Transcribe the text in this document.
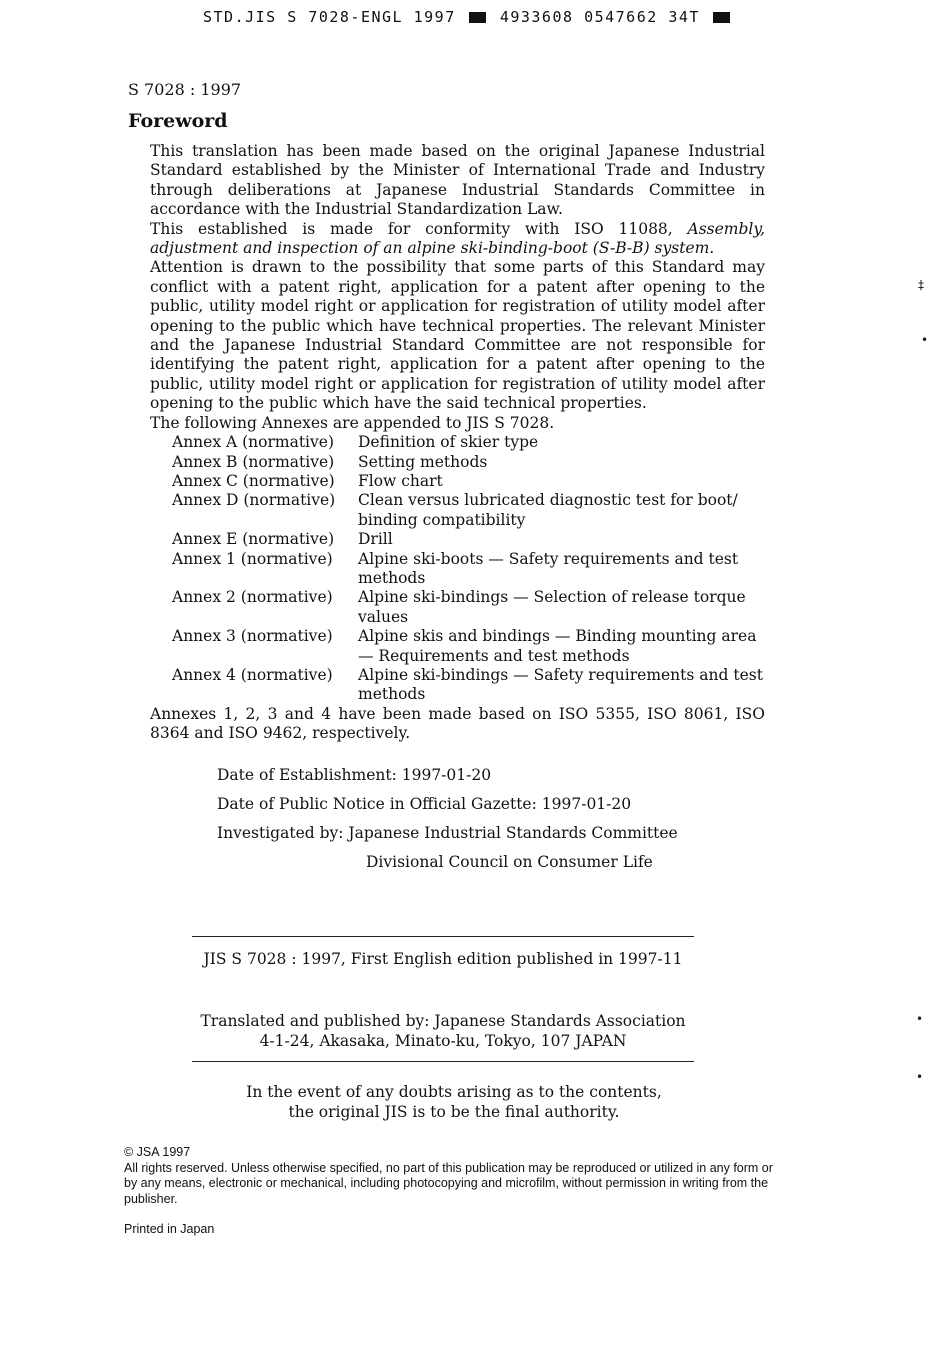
STD.JIS S 7028-ENGL 1997	4933608 0547662 34T
S 7028 : 1997
Foreword

This translation has been made based on the original Japanese Industrial Standard established by the Minister of International Trade and Industry through deliberations at Japanese Industrial Standards Committee in accordance with the Industrial Standardization Law.

This established is made for conformity with ISO 11088, Assembly, adjustment and inspection of an alpine ski-binding-boot (S-B-B) system.

Attention is drawn to the possibility that some parts of this Standard may conflict with a patent right, application for a patent after opening to the public, utility model right or application for registration of utility model after opening to the public which have technical properties. The relevant Minister and the Japanese Industrial Standard Committee are not responsible for identifying the patent right, application for a patent after opening to the public, utility model right or application for registration of utility model after opening to the public which have the said technical properties.

The following Annexes are appended to JIS S 7028.

Annex A (normative)	Definition of skier type
Annex B (normative)	Setting methods
Annex C (normative)	Flow chart
Annex D (normative)	Clean versus lubricated diagnostic test for boot/ binding compatibility
Annex E (normative)	Drill
Annex 1 (normative)	Alpine ski-boots — Safety requirements and test methods
Annex 2 (normative)	Alpine ski-bindings — Selection of release torque values
Annex 3 (normative)	Alpine skis and bindings — Binding mounting area — Requirements and test methods
Annex 4 (normative)	Alpine ski-bindings — Safety requirements and test methods

Annexes 1, 2, 3 and 4 have been made based on ISO 5355, ISO 8061, ISO 8364 and ISO 9462, respectively.

Date of Establishment: 1997-01-20
Date of Public Notice in Official Gazette: 1997-01-20
Investigated by: Japanese Industrial Standards Committee
Divisional Council on Consumer Life
JIS S 7028 : 1997, First English edition published in 1997-11
Translated and published by: Japanese Standards Association
4-1-24, Akasaka, Minato-ku, Tokyo, 107 JAPAN
In the event of any doubts arising as to the contents,
the original JIS is to be the final authority.
© JSA 1997
All rights reserved. Unless otherwise specified, no part of this publication may be reproduced or utilized in any form or by any means, electronic or mechanical, including photocopying and microfilm, without permission in writing from the publisher.
Printed in Japan
‡
•
•
•
